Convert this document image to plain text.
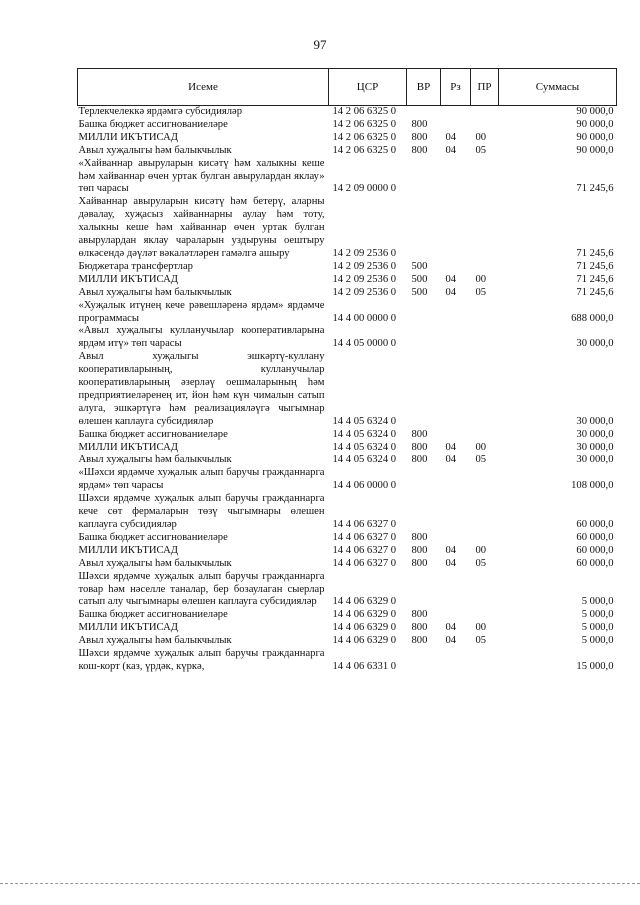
97
Исеме	ЦСР	ВР	Рз	ПР	Суммасы
Терлекчелеккә ярдәмгә субсидияләр	14 2 06 6325 0				90 000,0
Башка бюджет ассигнованиеләре	14 2 06 6325 0	800			90 000,0
МИЛЛИ ИКЪТИСАД	14 2 06 6325 0	800	04	00	90 000,0
Авыл хуҗалыгы һәм балыкчылык	14 2 06 6325 0	800	04	05	90 000,0
«Хайваннар авыруларын кисәтү һәм халыкны кеше һәм хайваннар өчен уртак булган авырулардан яклау» төп чарасы	14 2 09 0000 0				71 245,6
Хайваннар авыруларын кисәтү һәм бетерү, аларны дәвалау, хуҗасыз хайваннарны аулау һәм тоту, халыкны кеше һәм хайваннар өчен уртак булган авырулардан яклау чараларын уздыруны оештыру өлкәсендә дәүләт вәкаләтләрен гамәлгә ашыру	14 2 09 2536 0				71 245,6
Бюджетара трансфертлар	14 2 09 2536 0	500			71 245,6
МИЛЛИ ИКЪТИСАД	14 2 09 2536 0	500	04	00	71 245,6
Авыл хуҗалыгы һәм балыкчылык	14 2 09 2536 0	500	04	05	71 245,6
«Хуҗалык итүнең кече рәвешләренә ярдәм» ярдәмче программасы	14 4 00 0000 0				688 000,0
«Авыл хуҗалыгы кулланучылар кооперативларына ярдәм итү» төп чарасы	14 4 05 0000 0				30 000,0
Авыл хуҗалыгы эшкәртү-куллану кооперативларының, кулланучылар кооперативларының әзерләү оешмаларының һәм предприятиеләренең ит, йон һәм күн чималын сатып алуга, эшкәртүгә һәм реализацияләүгә чыгымнар өлешен каплауга субсидияләр	14 4 05 6324 0				30 000,0
Башка бюджет ассигнованиеләре	14 4 05 6324 0	800			30 000,0
МИЛЛИ ИКЪТИСАД	14 4 05 6324 0	800	04	00	30 000,0
Авыл хуҗалыгы һәм балыкчылык	14 4 05 6324 0	800	04	05	30 000,0
«Шәхси ярдәмче хуҗалык алып баручы гражданнарга ярдәм» төп чарасы	14 4 06 0000 0				108 000,0
Шәхси ярдәмче хуҗалык алып баручы гражданнарга кече сөт фермаларын төзү чыгымнары өлешен каплауга субсидияләр	14 4 06 6327 0				60 000,0
Башка бюджет ассигнованиеләре	14 4 06 6327 0	800			60 000,0
МИЛЛИ ИКЪТИСАД	14 4 06 6327 0	800	04	00	60 000,0
Авыл хуҗалыгы һәм балыкчылык	14 4 06 6327 0	800	04	05	60 000,0
Шәхси ярдәмче хуҗалык алып баручы гражданнарга товар һәм нәселле таналар, бер бозаулаган сыерлар сатып алу чыгымнары өлешен каплауга субсидияләр	14 4 06 6329 0				5 000,0
Башка бюджет ассигнованиеләре	14 4 06 6329 0	800			5 000,0
МИЛЛИ ИКЪТИСАД	14 4 06 6329 0	800	04	00	5 000,0
Авыл хуҗалыгы һәм балыкчылык	14 4 06 6329 0	800	04	05	5 000,0
Шәхси ярдәмче хуҗалык алып баручы гражданнарга кош-корт (каз, үрдәк, күркә,	14 4 06 6331 0				15 000,0
